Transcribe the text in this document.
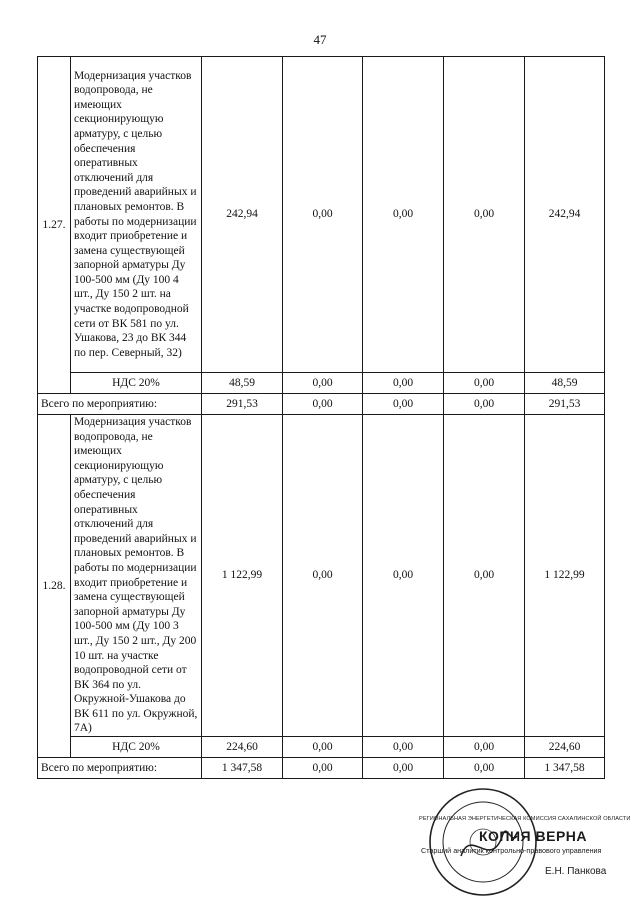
47
1.27.	Модернизация участков водопровода, не имеющих секционирующую арматуру, с целью обеспечения оперативных отключений для проведений аварийных и плановых ремонтов. В работы по модернизации входит приобретение и замена существующей запорной арматуры Ду 100-500 мм (Ду 100 4 шт., Ду 150 2 шт. на участке водопроводной сети от ВК 581 по ул. Ушакова, 23 до ВК 344 по пер. Северный, 32)	242,94	0,00	0,00	0,00	242,94
	НДС 20%	48,59	0,00	0,00	0,00	48,59
Всего по мероприятию:		291,53	0,00	0,00	0,00	291,53
1.28.	Модернизация участков водопровода, не имеющих секционирующую арматуру, с целью обеспечения оперативных отключений для проведений аварийных и плановых ремонтов. В работы по модернизации входит приобретение и замена существующей запорной арматуры Ду 100-500 мм (Ду 100 3 шт., Ду 150 2 шт., Ду 200 10 шт. на участке водопроводной сети от ВК 364 по ул. Окружной-Ушакова до ВК 611 по ул. Окружной, 7А)	1 122,99	0,00	0,00	0,00	1 122,99
	НДС 20%	224,60	0,00	0,00	0,00	224,60
Всего по мероприятию:		1 347,58	0,00	0,00	0,00	1 347,58
РЕГИОНАЛЬНАЯ ЭНЕРГЕТИЧЕСКАЯ КОМИССИЯ САХАЛИНСКОЙ ОБЛАСТИ
КОПИЯ ВЕРНА
Старший аналитик контрольно-правового управления
Е.Н. Панкова
